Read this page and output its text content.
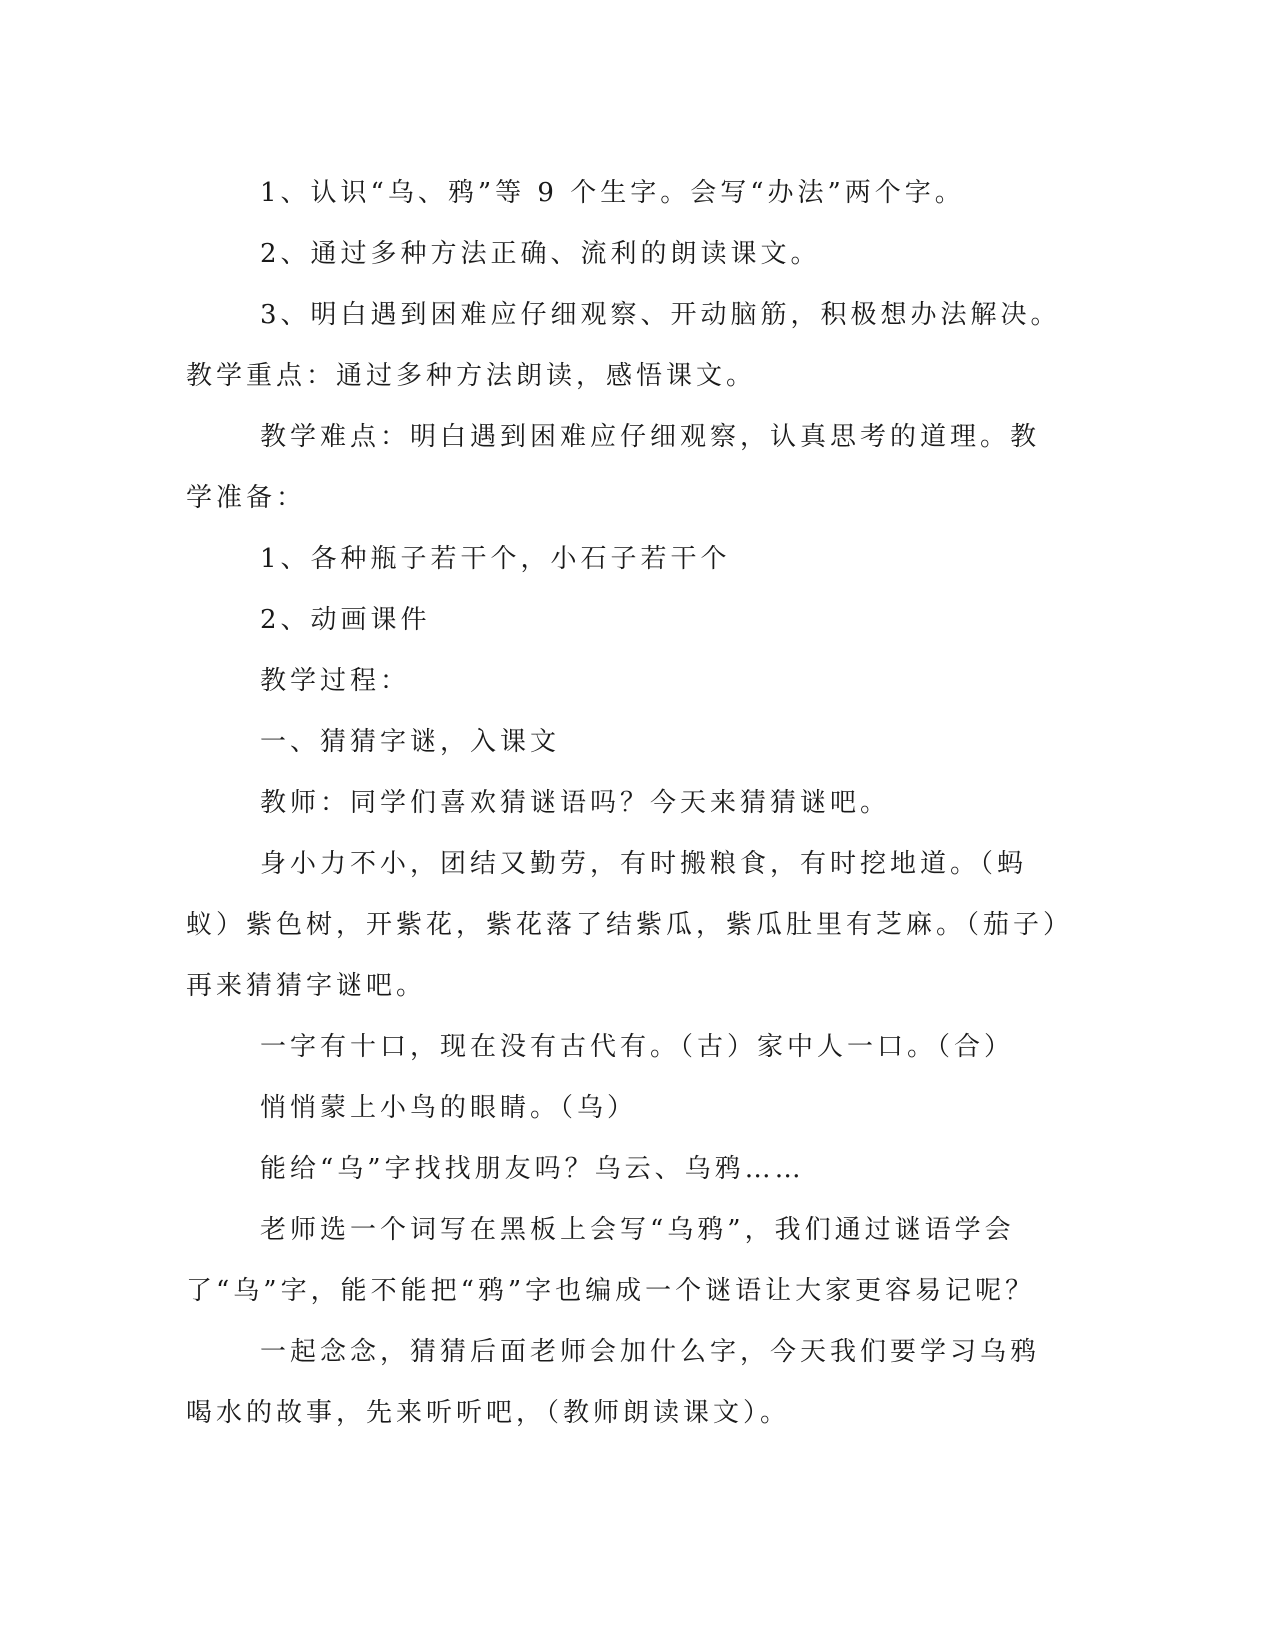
1、认识“乌、鸦”等 9 个生字。会写“办法”两个字。

2、通过多种方法正确、流利的朗读课文。

3、明白遇到困难应仔细观察、开动脑筋，积极想办法解决。教学重点：通过多种方法朗读，感悟课文。

教学难点：明白遇到困难应仔细观察，认真思考的道理。教学准备：

1、各种瓶子若干个，小石子若干个

2、动画课件

教学过程：

一、猜猜字谜，入课文

教师：同学们喜欢猜谜语吗？今天来猜猜谜吧。

身小力不小，团结又勤劳，有时搬粮食，有时挖地道。（蚂蚁）紫色树，开紫花，紫花落了结紫瓜，紫瓜肚里有芝麻。（茄子）再来猜猜字谜吧。

一字有十口，现在没有古代有。（古）家中人一口。（合）

悄悄蒙上小鸟的眼睛。（乌）

能给“乌”字找找朋友吗？乌云、乌鸦……

老师选一个词写在黑板上会写“乌鸦”，我们通过谜语学会了“乌”字，能不能把“鸦”字也编成一个谜语让大家更容易记呢？

一起念念，猜猜后面老师会加什么字，今天我们要学习乌鸦喝水的故事，先来听听吧，（教师朗读课文）。
